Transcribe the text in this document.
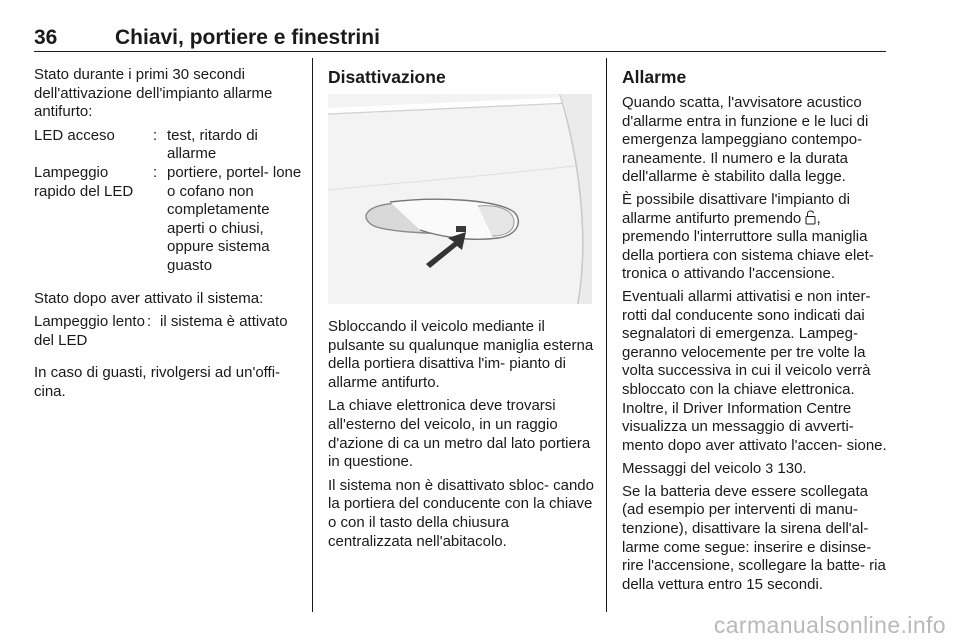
36	Chiavi, portiere e finestrini

Stato durante i primi 30 secondi dell'attivazione dell'impianto allarme antifurto:

LED acceso	: test, ritardo di allarme
Lampeggio rapido del LED
: portiere, portel- lone o cofano non completamente aperti o chiusi, oppure sistema guasto

Stato dopo aver attivato il sistema:

Lampeggio lento del LED
: il sistema è attivato

In caso di guasti, rivolgersi ad un'offi- cina.

Disattivazione

Sbloccando il veicolo mediante il pulsante su qualunque maniglia esterna della portiera disattiva l'im- pianto di allarme antifurto.

La chiave elettronica deve trovarsi all'esterno del veicolo, in un raggio d'azione di ca un metro dal lato portiera in questione.

Il sistema non è disattivato sbloc- cando la portiera del conducente con la chiave o con il tasto della chiusura centralizzata nell'abitacolo.

Allarme

Quando scatta, l'avvisatore acustico d'allarme entra in funzione e le luci di emergenza lampeggiano contempo- raneamente. Il numero e la durata dell'allarme è stabilito dalla legge.

È possibile disattivare l'impianto di allarme antifurto premendo , premendo l'interruttore sulla maniglia della portiera con sistema chiave elet- tronica o attivando l'accensione.

Eventuali allarmi attivatisi e non inter- rotti dal conducente sono indicati dai segnalatori di emergenza. Lampeg- geranno velocemente per tre volte la volta successiva in cui il veicolo verrà sbloccato con la chiave elettronica. Inoltre, il Driver Information Centre visualizza un messaggio di avverti- mento dopo aver attivato l'accen- sione.

Messaggi del veicolo 3 130.

Se la batteria deve essere scollegata (ad esempio per interventi di manu- tenzione), disattivare la sirena dell'al- larme come segue: inserire e disinse- rire l'accensione, scollegare la batte- ria della vettura entro 15 secondi.

carmanualsonline.info
